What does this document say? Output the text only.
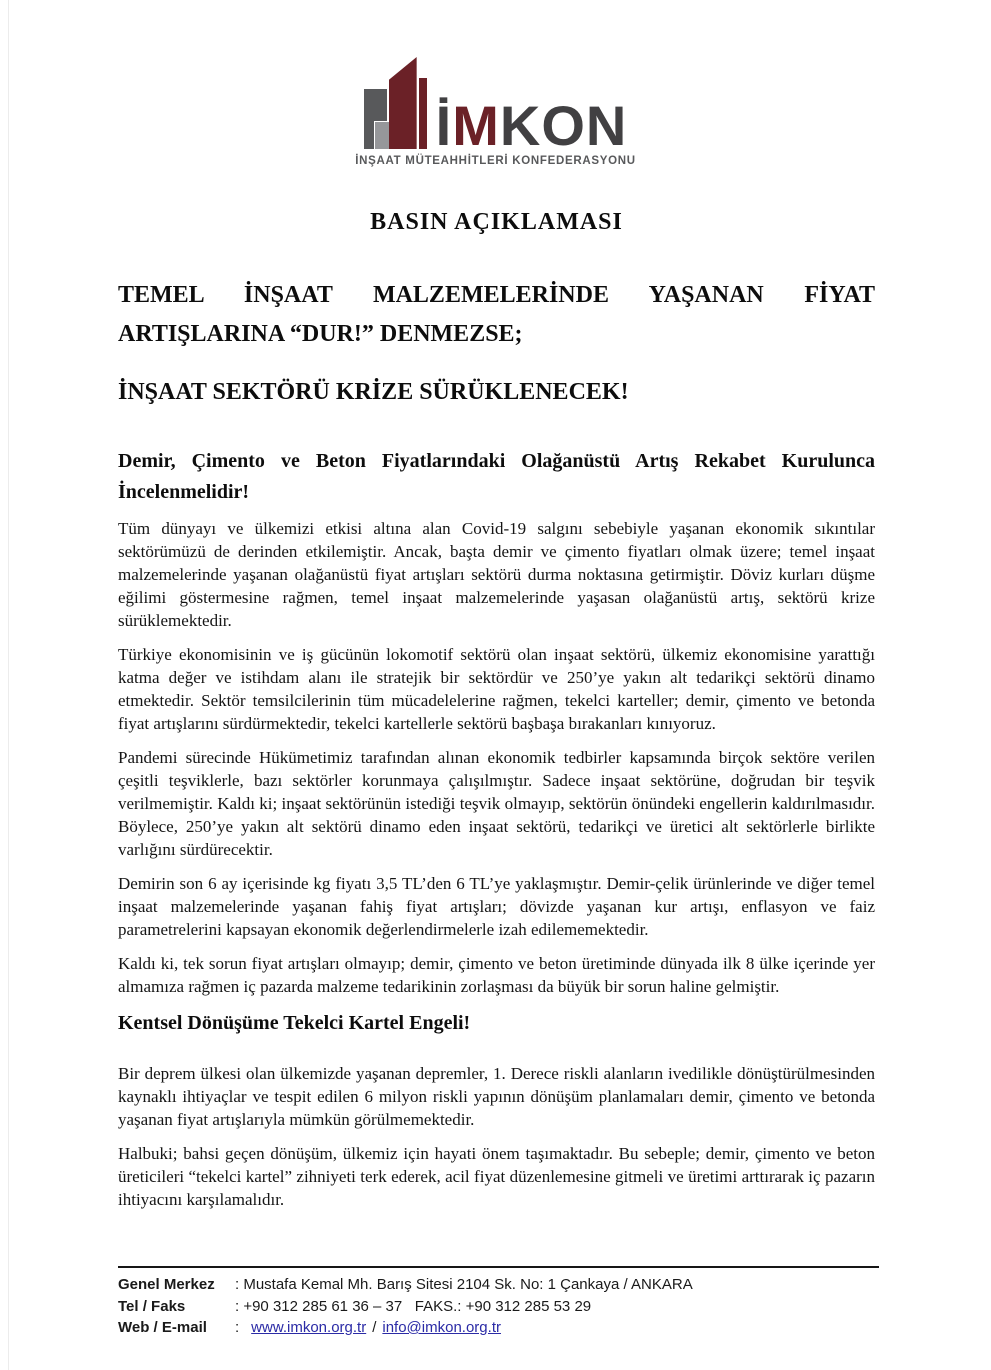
İMKON
İNŞAAT MÜTEAHHİTLERİ KONFEDERASYONU
BASIN AÇIKLAMASI
TEMEL İNŞAAT MALZEMELERİNDE YAŞANAN FİYAT ARTIŞLARINA “DUR!” DENMEZSE;
İNŞAAT SEKTÖRÜ KRİZE SÜRÜKLENECEK!
Demir, Çimento ve Beton Fiyatlarındaki Olağanüstü Artış Rekabet Kurulunca İncelenmelidir!

Tüm dünyayı ve ülkemizi etkisi altına alan Covid-19 salgını sebebiyle yaşanan ekonomik sıkıntılar sektörümüzü de derinden etkilemiştir. Ancak, başta demir ve çimento fiyatları olmak üzere; temel inşaat malzemelerinde yaşanan olağanüstü fiyat artışları sektörü durma noktasına getirmiştir. Döviz kurları düşme eğilimi göstermesine rağmen, temel inşaat malzemelerinde yaşasan olağanüstü artış, sektörü krize sürüklemektedir.

Türkiye ekonomisinin ve iş gücünün lokomotif sektörü olan inşaat sektörü, ülkemiz ekonomisine yarattığı katma değer ve istihdam alanı ile stratejik bir sektördür ve 250’ye yakın alt tedarikçi sektörü dinamo etmektedir. Sektör temsilcilerinin tüm mücadelelerine rağmen, tekelci karteller; demir, çimento ve betonda fiyat artışlarını sürdürmektedir, tekelci kartellerle sektörü başbaşa bırakanları kınıyoruz.

Pandemi sürecinde Hükümetimiz tarafından alınan ekonomik tedbirler kapsamında birçok sektöre verilen çeşitli teşviklerle, bazı sektörler korunmaya çalışılmıştır. Sadece inşaat sektörüne, doğrudan bir teşvik verilmemiştir. Kaldı ki; inşaat sektörünün istediği teşvik olmayıp, sektörün önündeki engellerin kaldırılmasıdır. Böylece, 250’ye yakın alt sektörü dinamo eden inşaat sektörü, tedarikçi ve üretici alt sektörlerle birlikte varlığını sürdürecektir.

Demirin son 6 ay içerisinde kg fiyatı 3,5 TL’den 6 TL’ye yaklaşmıştır. Demir-çelik ürünlerinde ve diğer temel inşaat malzemelerinde yaşanan fahiş fiyat artışları; dövizde yaşanan kur artışı, enflasyon ve faiz parametrelerini kapsayan ekonomik değerlendirmelerle izah edilememektedir.

Kaldı ki, tek sorun fiyat artışları olmayıp; demir, çimento ve beton üretiminde dünyada ilk 8 ülke içerinde yer almamıza rağmen iç pazarda malzeme tedarikinin zorlaşması da büyük bir sorun haline gelmiştir.

Kentsel Dönüşüme Tekelci Kartel Engeli!

Bir deprem ülkesi olan ülkemizde yaşanan depremler, 1. Derece riskli alanların ivedilikle dönüştürülmesinden kaynaklı ihtiyaçlar ve tespit edilen 6 milyon riskli yapının dönüşüm planlamaları demir, çimento ve betonda yaşanan fiyat artışlarıyla mümkün görülmemektedir.

Halbuki; bahsi geçen dönüşüm, ülkemiz için hayati önem taşımaktadır. Bu sebeple; demir, çimento ve beton üreticileri “tekelci kartel” zihniyeti terk ederek, acil fiyat düzenlemesine gitmeli ve üretimi arttırarak iç pazarın ihtiyacını karşılamalıdır.

Genel Merkez	: Mustafa Kemal Mh. Barış Sitesi 2104 Sk. No: 1 Çankaya / ANKARA
Tel / Faks	: +90 312 285 61 36 – 37   FAKS.: +90 312 285 53 29
Web / E-mail	: www.imkon.org.tr / info@imkon.org.tr
